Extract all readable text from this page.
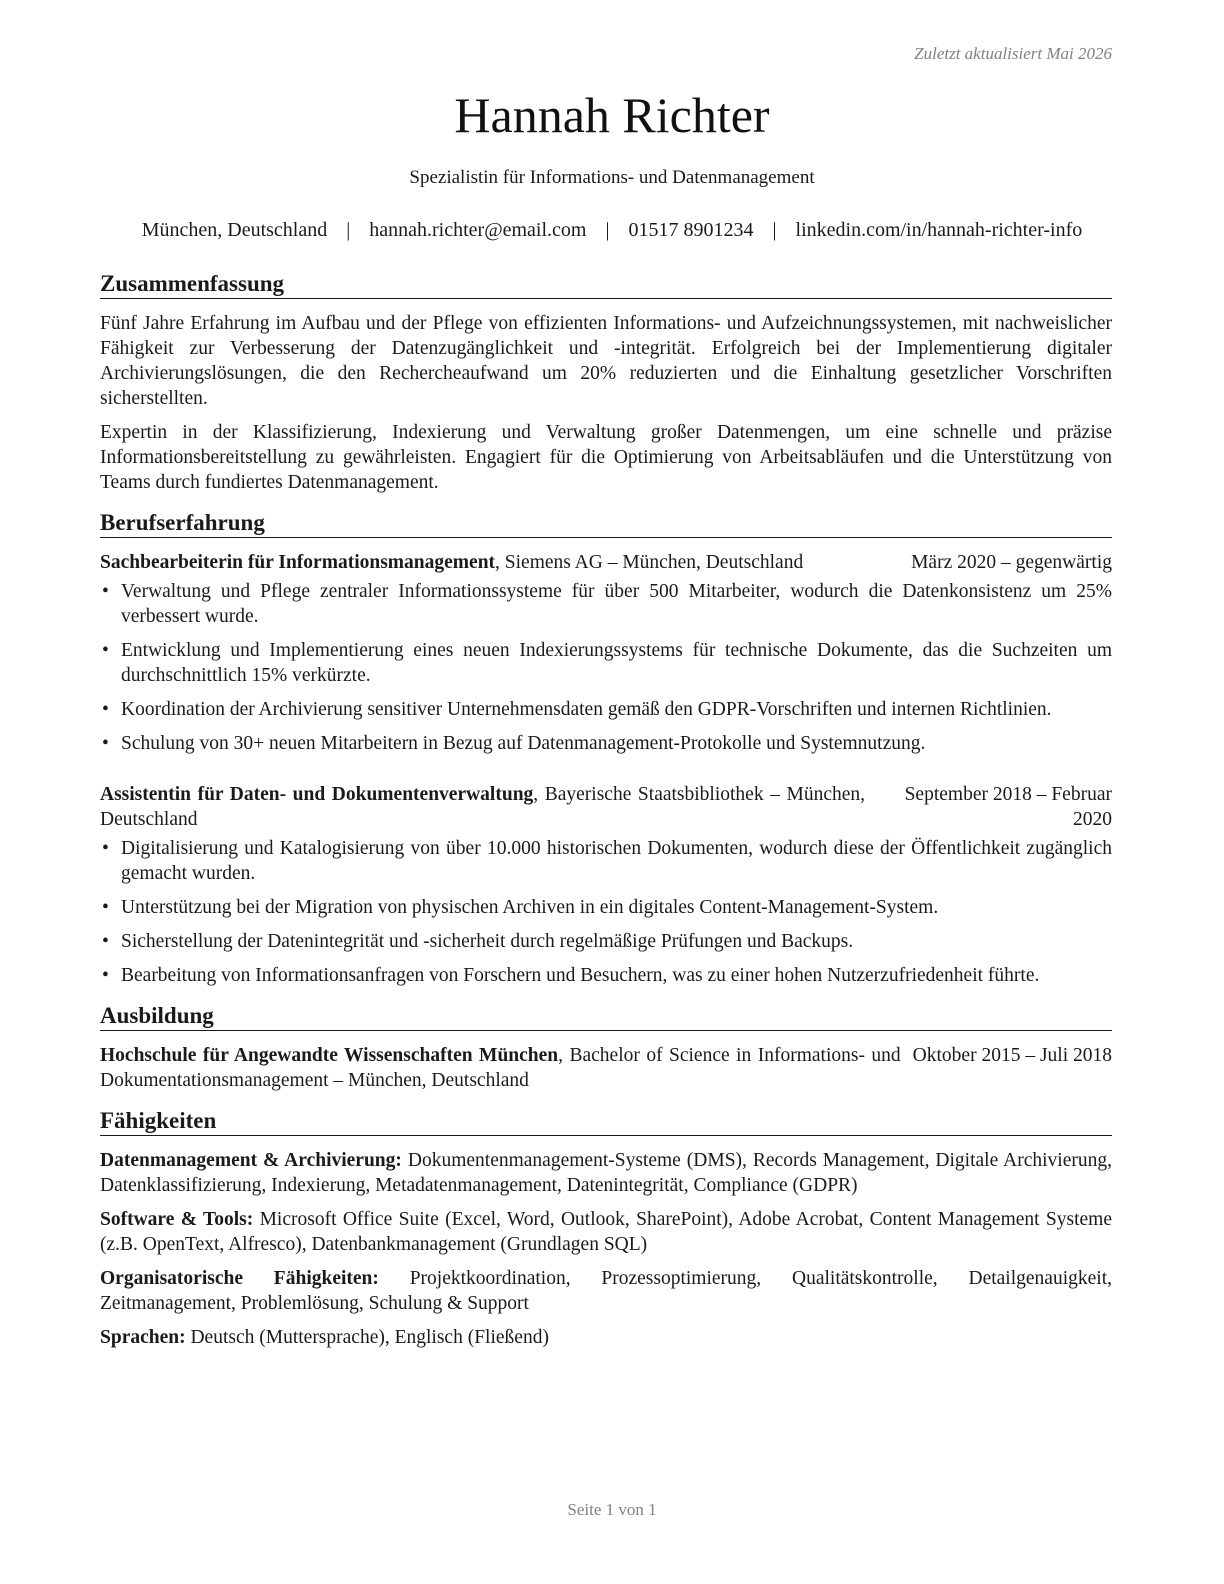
Zuletzt aktualisiert Mai 2026
Hannah Richter
Spezialistin für Informations- und Datenmanagement
München, Deutschland | hannah.richter@email.com | 01517 8901234 | linkedin.com/in/hannah-richter-info
Zusammenfassung

Fünf Jahre Erfahrung im Aufbau und der Pflege von effizienten Informations- und Aufzeichnungssystemen, mit nachweislicher Fähigkeit zur Verbesserung der Datenzugänglichkeit und -integrität. Erfolgreich bei der Implementierung digitaler Archivierungslösungen, die den Rechercheaufwand um 20% reduzierten und die Einhaltung gesetzlicher Vorschriften sicherstellten.

Expertin in der Klassifizierung, Indexierung und Verwaltung großer Datenmengen, um eine schnelle und präzise Informationsbereitstellung zu gewährleisten. Engagiert für die Optimierung von Arbeitsabläufen und die Unterstützung von Teams durch fundiertes Datenmanagement.

Berufserfahrung
Sachbearbeiterin für Informationsmanagement, Siemens AG – München, Deutschland	März 2020 – gegenwärtig
• Verwaltung und Pflege zentraler Informationssysteme für über 500 Mitarbeiter, wodurch die Datenkonsistenz um 25% verbessert wurde.
• Entwicklung und Implementierung eines neuen Indexierungssystems für technische Dokumente, das die Suchzeiten um durchschnittlich 15% verkürzte.
• Koordination der Archivierung sensitiver Unternehmensdaten gemäß den GDPR-Vorschriften und internen Richtlinien.
• Schulung von 30+ neuen Mitarbeitern in Bezug auf Datenmanagement-Protokolle und Systemnutzung.
Assistentin für Daten- und Dokumentenverwaltung, Bayerische Staatsbibliothek – München, Deutschland
September 2018 – Februar 2020
• Digitalisierung und Katalogisierung von über 10.000 historischen Dokumenten, wodurch diese der Öffentlichkeit zugänglich gemacht wurden.
• Unterstützung bei der Migration von physischen Archiven in ein digitales Content-Management-System.
• Sicherstellung der Datenintegrität und -sicherheit durch regelmäßige Prüfungen und Backups.
• Bearbeitung von Informationsanfragen von Forschern und Besuchern, was zu einer hohen Nutzerzufriedenheit führte.
Ausbildung
Hochschule für Angewandte Wissenschaften München, Bachelor of Science in Informations- und Dokumentationsmanagement – München, Deutschland
Oktober 2015 – Juli 2018
Fähigkeiten

Datenmanagement & Archivierung: Dokumentenmanagement-Systeme (DMS), Records Management, Digitale Archivierung, Datenklassifizierung, Indexierung, Metadatenmanagement, Datenintegrität, Compliance (GDPR)

Software & Tools: Microsoft Office Suite (Excel, Word, Outlook, SharePoint), Adobe Acrobat, Content Management Systeme (z.B. OpenText, Alfresco), Datenbankmanagement (Grundlagen SQL)

Organisatorische Fähigkeiten: Projektkoordination, Prozessoptimierung, Qualitätskontrolle, Detailgenauigkeit, Zeitmanagement, Problemlösung, Schulung & Support

Sprachen: Deutsch (Muttersprache), Englisch (Fließend)

Seite 1 von 1
